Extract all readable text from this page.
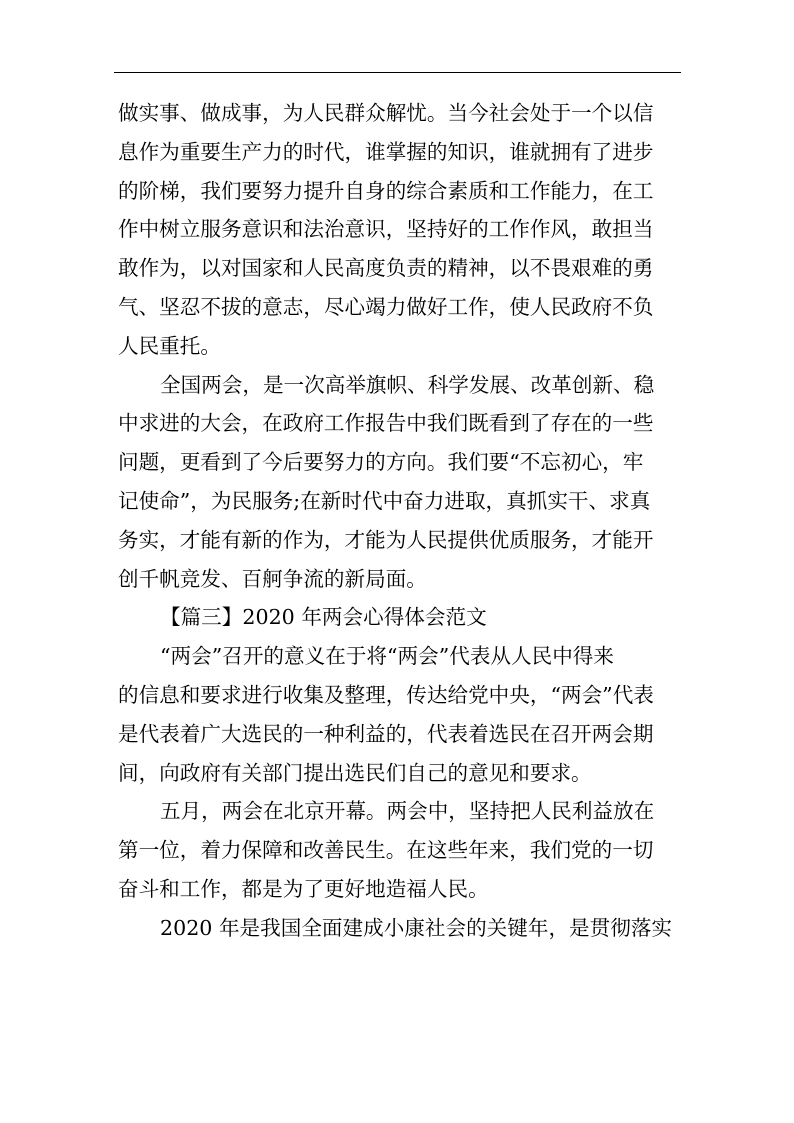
做实事、做成事，为人民群众解忧。当今社会处于一个以信
息作为重要生产力的时代，谁掌握的知识，谁就拥有了进步
的阶梯，我们要努力提升自身的综合素质和工作能力，在工
作中树立服务意识和法治意识，坚持好的工作作风，敢担当
敢作为，以对国家和人民高度负责的精神，以不畏艰难的勇
气、坚忍不拔的意志，尽心竭力做好工作，使人民政府不负
人民重托。
全国两会，是一次高举旗帜、科学发展、改革创新、稳
中求进的大会，在政府工作报告中我们既看到了存在的一些
问题，更看到了今后要努力的方向。我们要“不忘初心，牢
记使命”，为民服务;在新时代中奋力进取，真抓实干、求真
务实，才能有新的作为，才能为人民提供优质服务，才能开
创千帆竞发、百舸争流的新局面。
【篇三】2020 年两会心得体会范文
“两会”召开的意义在于将“两会”代表从人民中得来
的信息和要求进行收集及整理，传达给党中央，“两会”代表
是代表着广大选民的一种利益的，代表着选民在召开两会期
间，向政府有关部门提出选民们自己的意见和要求。
五月，两会在北京开幕。两会中，坚持把人民利益放在
第一位，着力保障和改善民生。在这些年来，我们党的一切
奋斗和工作，都是为了更好地造福人民。
2020 年是我国全面建成小康社会的关键年，是贯彻落实
